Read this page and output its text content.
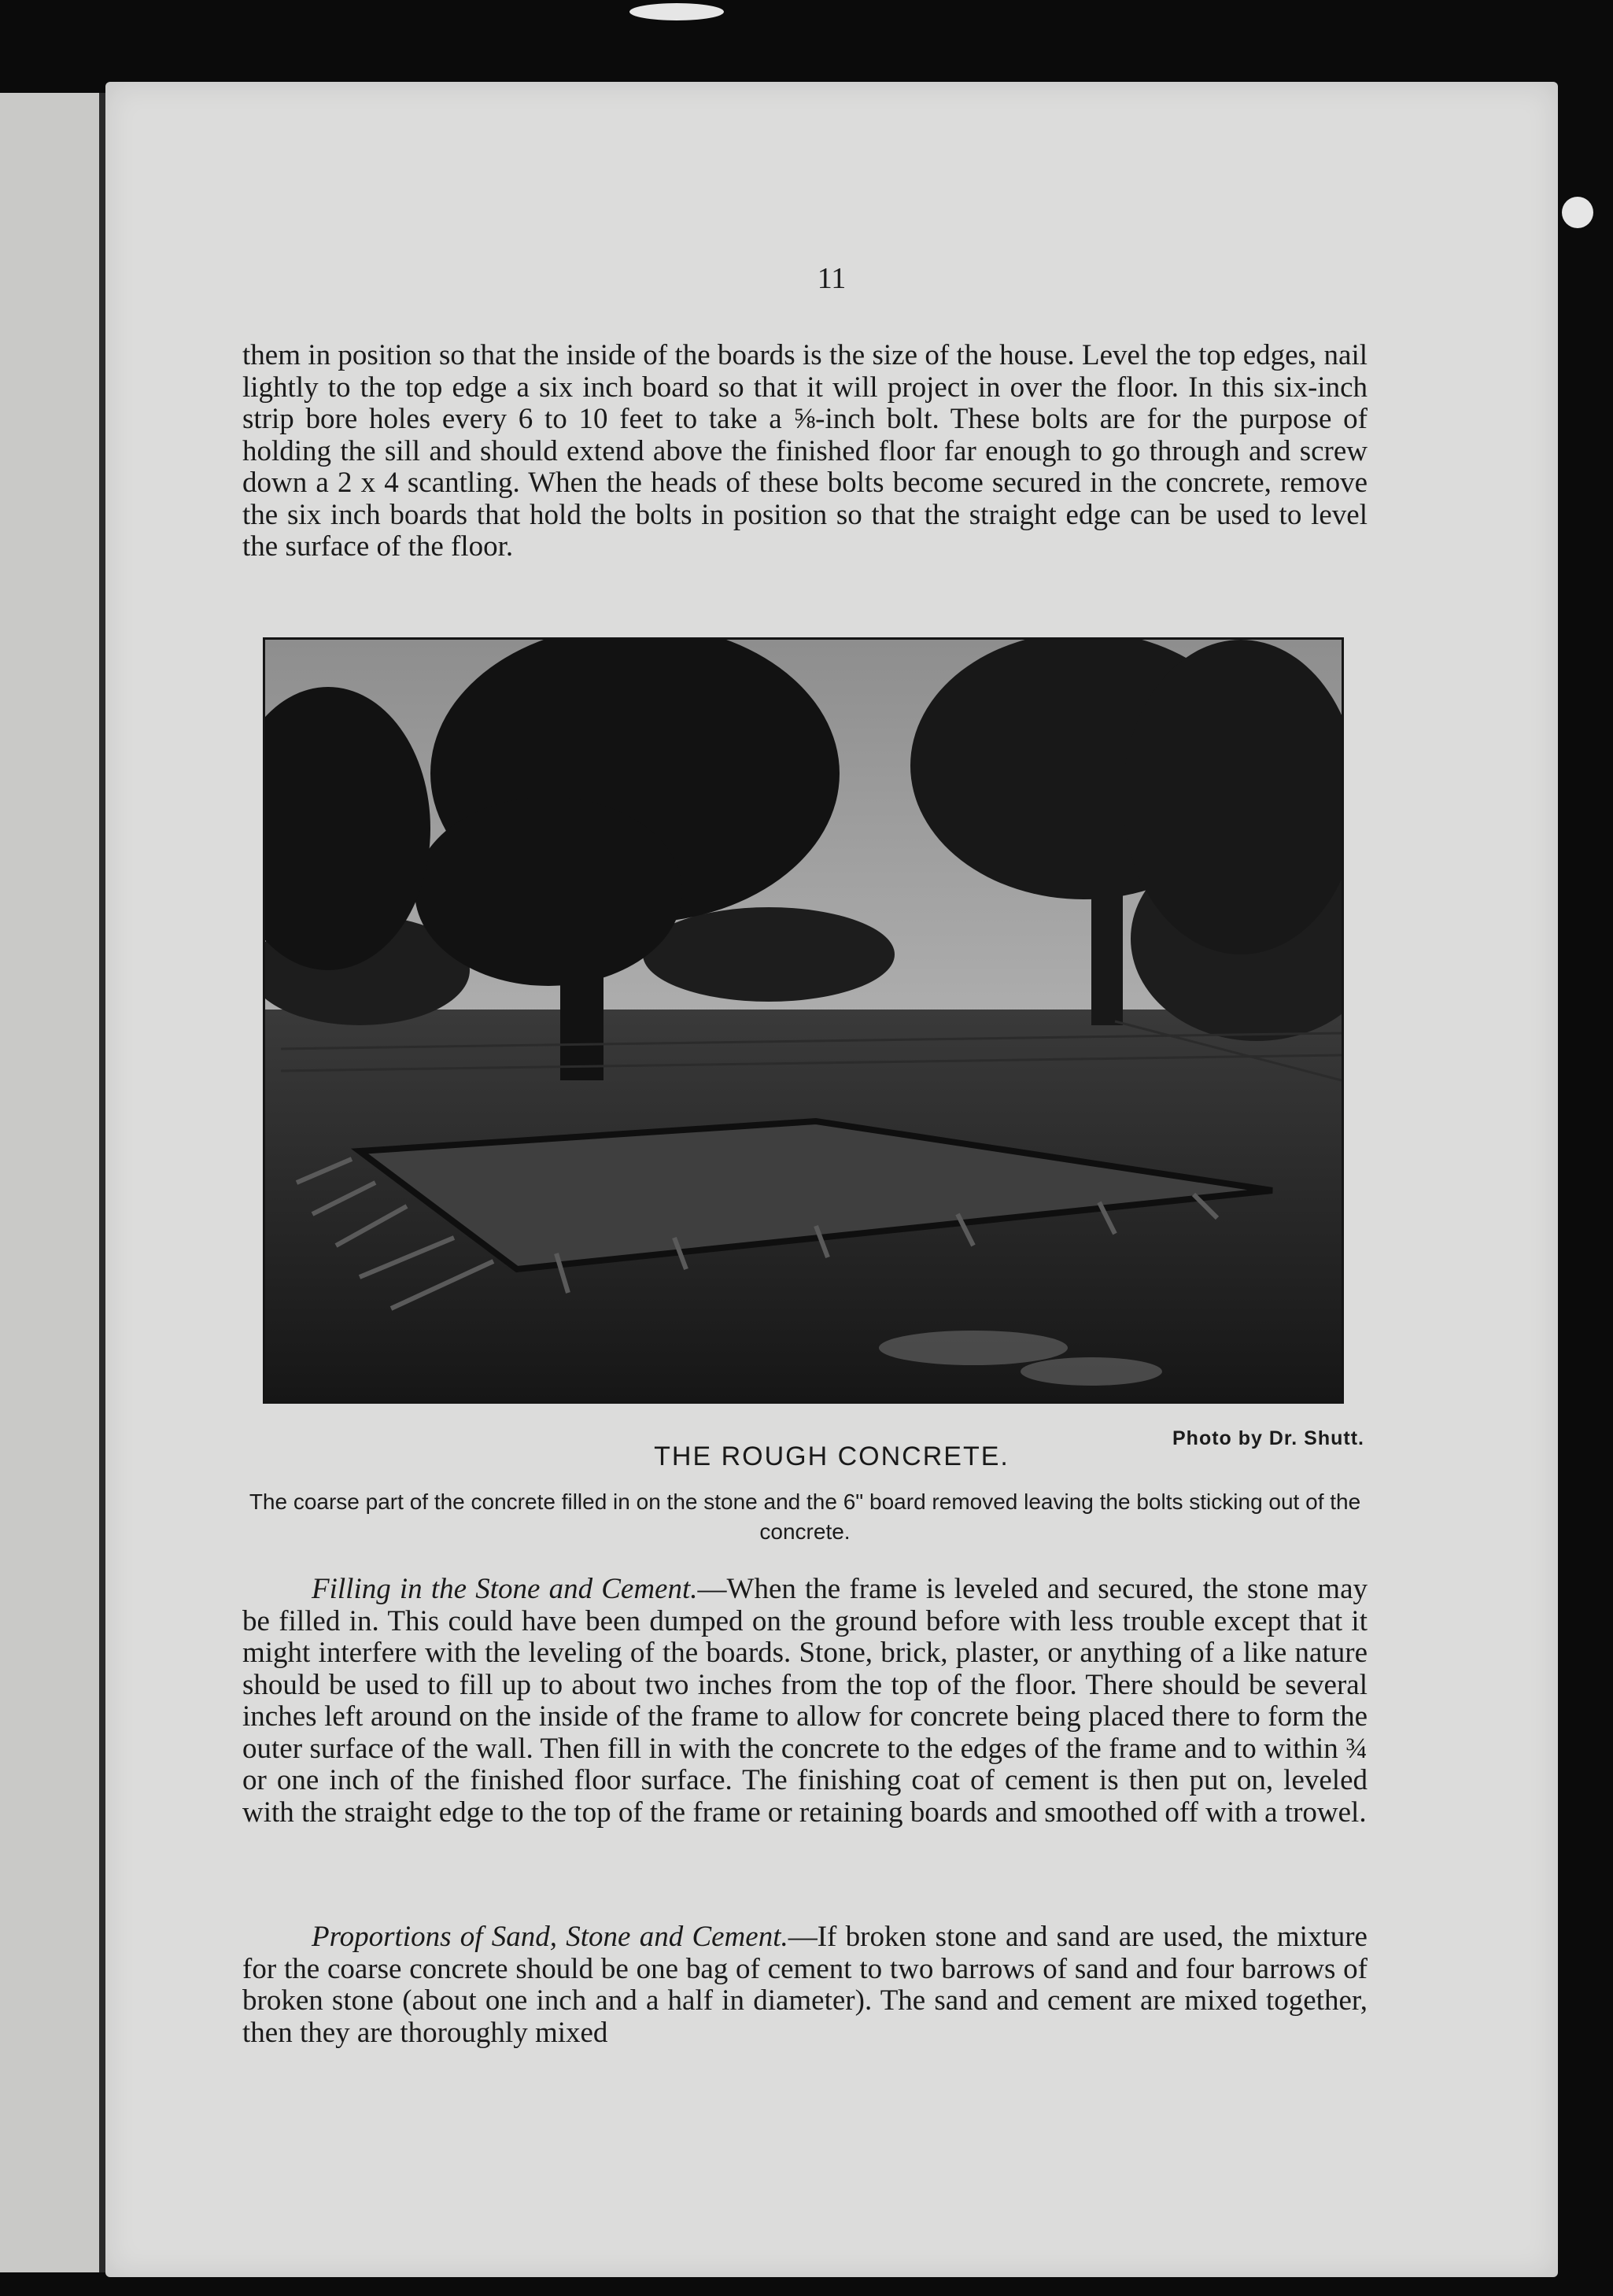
11

them in position so that the inside of the boards is the size of the house. Level the top edges, nail lightly to the top edge a six inch board so that it will project in over the floor. In this six-inch strip bore holes every 6 to 10 feet to take a ⅝-inch bolt. These bolts are for the purpose of holding the sill and should extend above the finished floor far enough to go through and screw down a 2 x 4 scantling. When the heads of these bolts become secured in the concrete, remove the six inch boards that hold the bolts in position so that the straight edge can be used to level the surface of the floor.

Photo by Dr. Shutt.
THE ROUGH CONCRETE.
The coarse part of the concrete filled in on the stone and the 6" board removed leaving the bolts sticking out of the concrete.

Filling in the Stone and Cement.—When the frame is leveled and secured, the stone may be filled in. This could have been dumped on the ground before with less trouble except that it might interfere with the leveling of the boards. Stone, brick, plaster, or anything of a like nature should be used to fill up to about two inches from the top of the floor. There should be several inches left around on the inside of the frame to allow for concrete being placed there to form the outer surface of the wall. Then fill in with the concrete to the edges of the frame and to within ¾ or one inch of the finished floor surface. The finishing coat of cement is then put on, leveled with the straight edge to the top of the frame or retaining boards and smoothed off with a trowel.

Proportions of Sand, Stone and Cement.—If broken stone and sand are used, the mixture for the coarse concrete should be one bag of cement to two barrows of sand and four barrows of broken stone (about one inch and a half in diameter). The sand and cement are mixed together, then they are thoroughly mixed
